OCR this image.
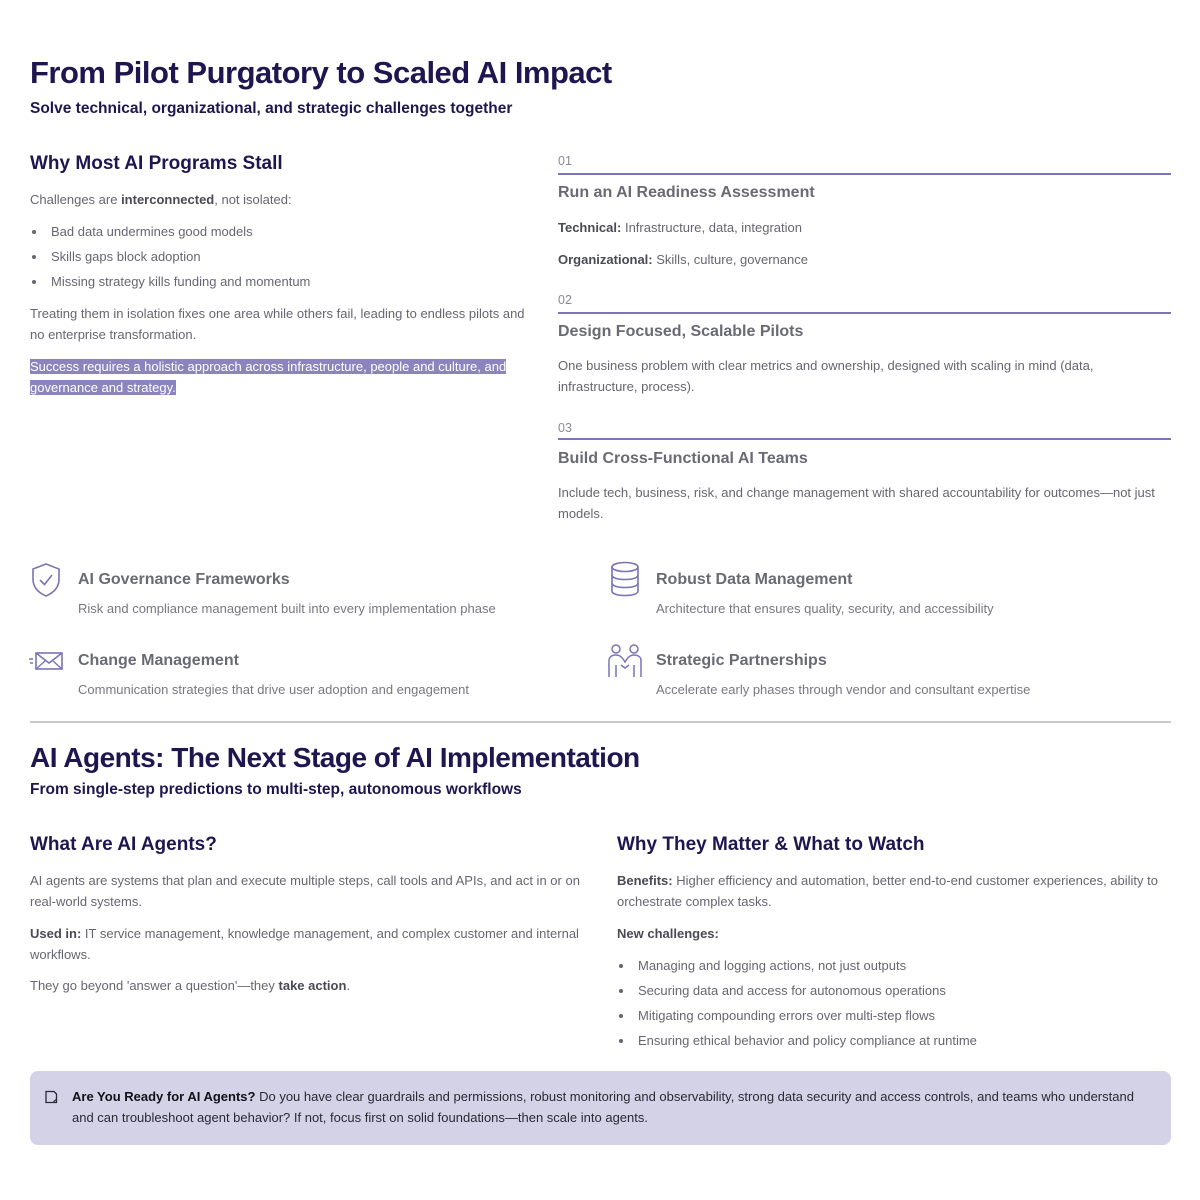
From Pilot Purgatory to Scaled AI Impact
Solve technical, organizational, and strategic challenges together
Why Most AI Programs Stall
Challenges are interconnected, not isolated:
Bad data undermines good models
Skills gaps block adoption
Missing strategy kills funding and momentum
Treating them in isolation fixes one area while others fail, leading to endless pilots and no enterprise transformation.
Success requires a holistic approach across infrastructure, people and culture, and
governance and strategy.
01
Run an AI Readiness Assessment
Technical: Infrastructure, data, integration
Organizational: Skills, culture, governance
02
Design Focused, Scalable Pilots
One business problem with clear metrics and ownership, designed with scaling in mind (data, infrastructure, process).
03
Build Cross-Functional AI Teams
Include tech, business, risk, and change management with shared accountability for outcomes—not just models.
AI Governance Frameworks
Risk and compliance management built into every implementation phase
Robust Data Management
Architecture that ensures quality, security, and accessibility
Change Management
Communication strategies that drive user adoption and engagement
Strategic Partnerships
Accelerate early phases through vendor and consultant expertise
AI Agents: The Next Stage of AI Implementation
From single-step predictions to multi-step, autonomous workflows
What Are AI Agents?
AI agents are systems that plan and execute multiple steps, call tools and APIs, and act in or on real-world systems.
Used in: IT service management, knowledge management, and complex customer and internal workflows.
They go beyond 'answer a question'—they take action.
Why They Matter & What to Watch
Benefits: Higher efficiency and automation, better end-to-end customer experiences, ability to orchestrate complex tasks.
New challenges:
Managing and logging actions, not just outputs
Securing data and access for autonomous operations
Mitigating compounding errors over multi-step flows
Ensuring ethical behavior and policy compliance at runtime
Are You Ready for AI Agents? Do you have clear guardrails and permissions, robust monitoring and observability, strong data security and access controls, and teams who understand and can troubleshoot agent behavior? If not, focus first on solid foundations—then scale into agents.
